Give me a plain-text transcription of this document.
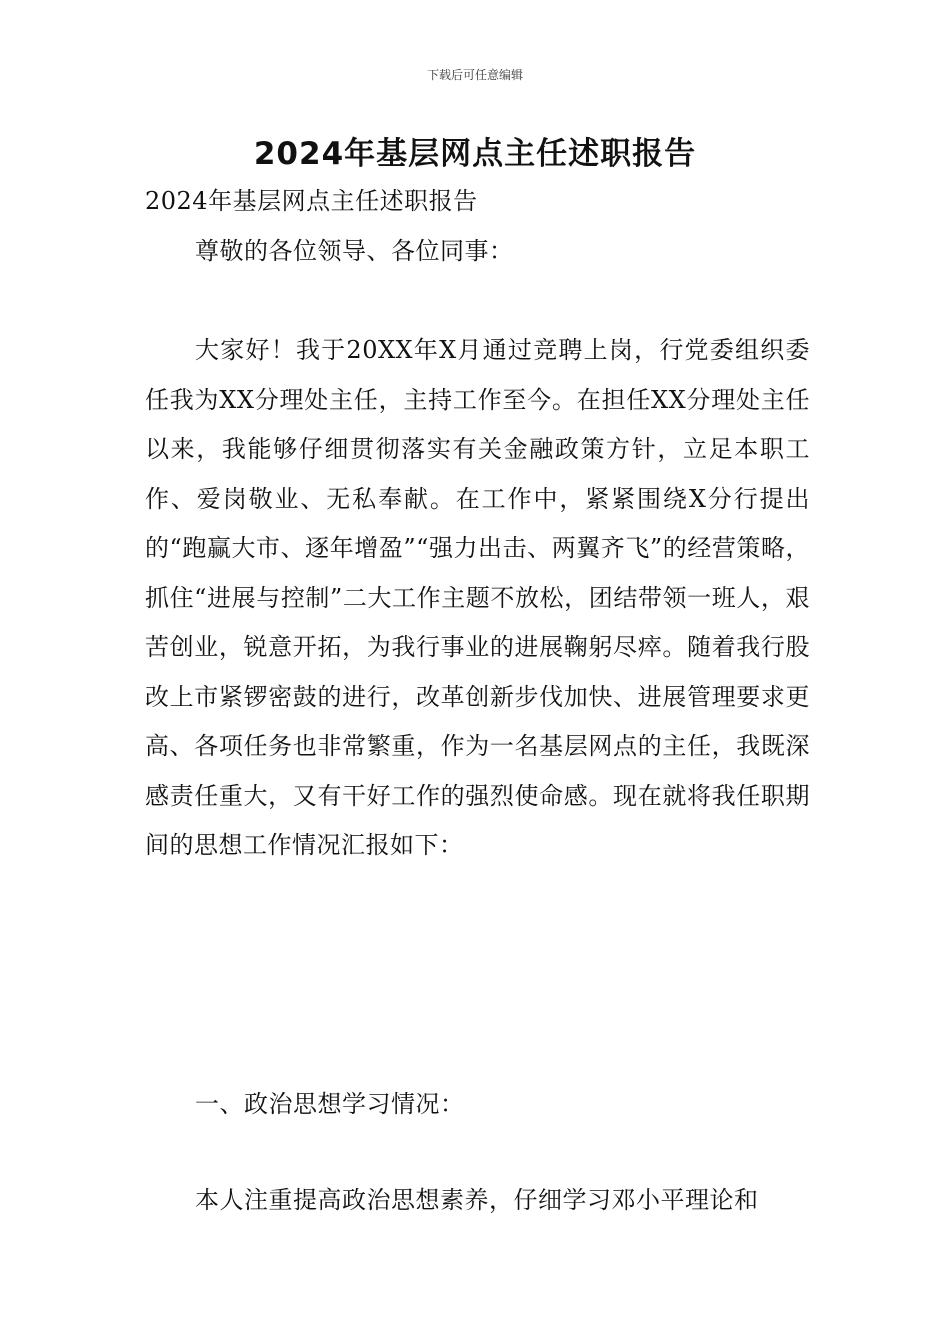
下载后可任意编辑
2024年基层网点主任述职报告

2024年基层网点主任述职报告

尊敬的各位领导、各位同事：

大家好！我于20XX年X月通过竞聘上岗，行党委组织委任我为XX分理处主任，主持工作至今。在担任XX分理处主任以来，我能够仔细贯彻落实有关金融政策方针，立足本职工作、爱岗敬业、无私奉献。在工作中，紧紧围绕X分行提出的“跑赢大市、逐年增盈”“强力出击、两翼齐飞”的经营策略，抓住“进展与控制”二大工作主题不放松，团结带领一班人，艰苦创业，锐意开拓，为我行事业的进展鞠躬尽瘁。随着我行股改上市紧锣密鼓的进行，改革创新步伐加快、进展管理要求更高、各项任务也非常繁重，作为一名基层网点的主任，我既深感责任重大，又有干好工作的强烈使命感。现在就将我任职期间的思想工作情况汇报如下：

一、政治思想学习情况：

本人注重提高政治思想素养，仔细学习邓小平理论和
